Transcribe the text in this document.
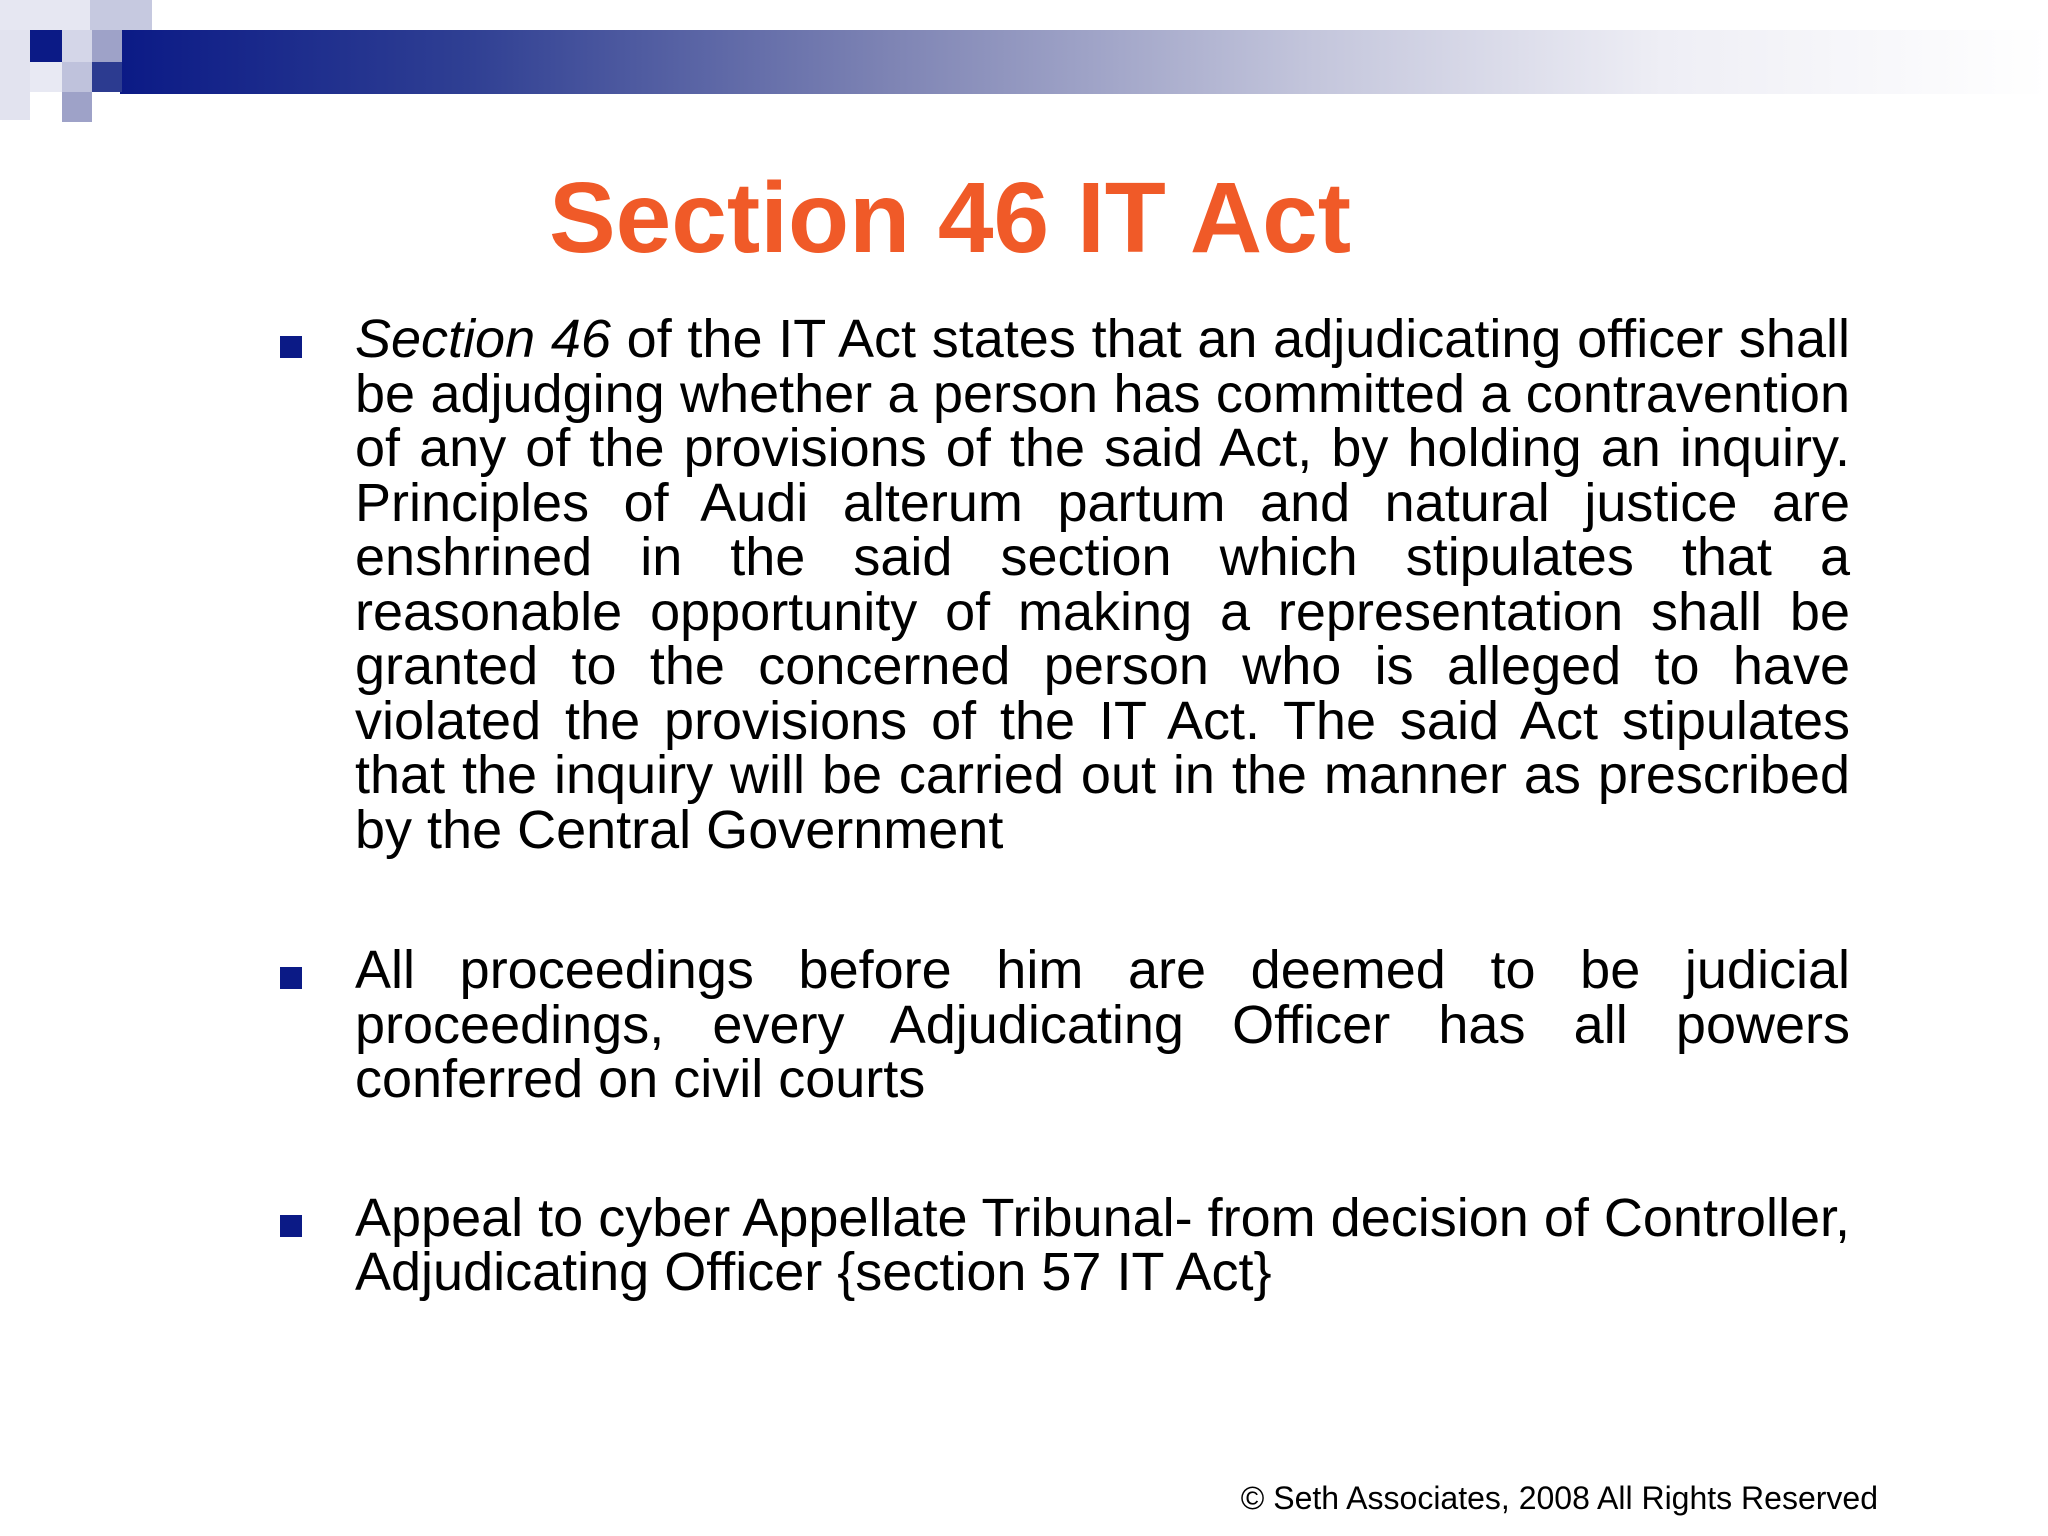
Section 46 IT Act
Section 46 of the IT Act states that an adjudicating officer shall be adjudging whether a person has committed a contravention of any of the provisions of the said Act, by holding an inquiry. Principles of Audi alterum partum and natural justice are enshrined in the said section which stipulates that a reasonable opportunity of making a representation shall be granted to the concerned person who is alleged to have violated the provisions of the IT Act. The said Act stipulates that the inquiry will be carried out in the manner as prescribed by the Central Government
All proceedings before him are deemed to be judicial proceedings, every Adjudicating Officer has all powers conferred on civil courts
Appeal to cyber Appellate Tribunal- from decision of Controller, Adjudicating Officer {section 57 IT Act}
© Seth Associates, 2008 All Rights Reserved
